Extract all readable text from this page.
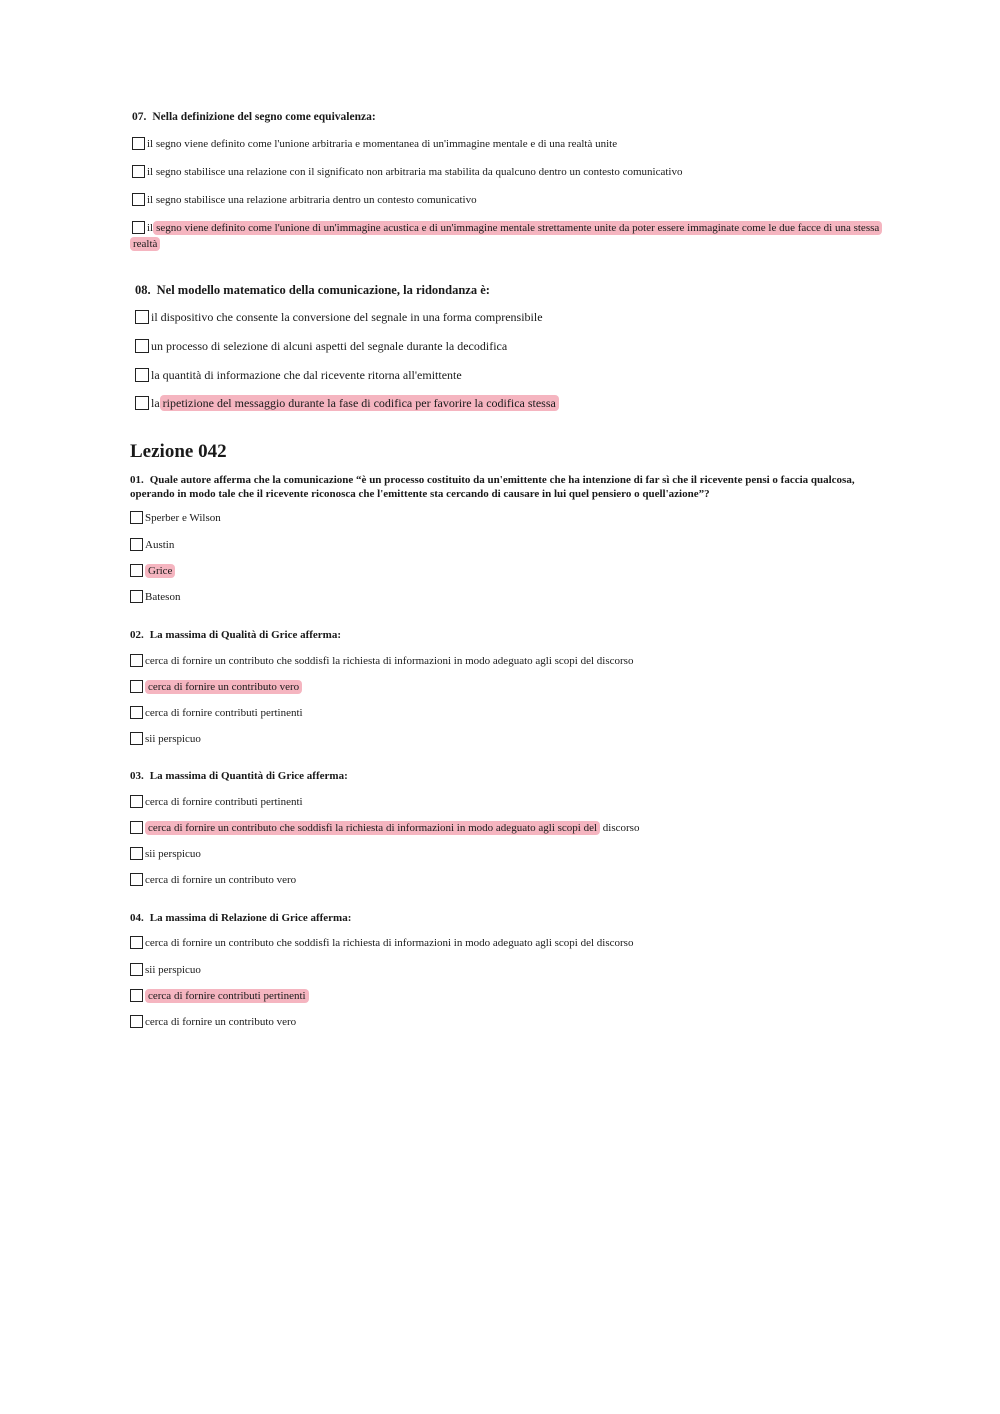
07. Nella definizione del segno come equivalenza:
il segno viene definito come l'unione arbitraria e momentanea di un'immagine mentale e di una realtà unite
il segno stabilisce una relazione con il significato non arbitraria ma stabilita da qualcuno dentro un contesto comunicativo
il segno stabilisce una relazione arbitraria dentro un contesto comunicativo
il segno viene definito come l'unione di un'immagine acustica e di un'immagine mentale strettamente unite da poter essere immaginate come le due facce di una stessa
realtà
08. Nel modello matematico della comunicazione, la ridondanza è:
il dispositivo che consente la conversione del segnale in una forma comprensibile
un processo di selezione di alcuni aspetti del segnale durante la decodifica
la quantità di informazione che dal ricevente ritorna all'emittente
la ripetizione del messaggio durante la fase di codifica per favorire la codifica stessa
Lezione 042
01. Quale autore afferma che la comunicazione “è un processo costituito da un'emittente che ha intenzione di far sì che il ricevente pensi o faccia qualcosa,
operando in modo tale che il ricevente riconosca che l'emittente sta cercando di causare in lui quel pensiero o quell'azione”?
Sperber e Wilson
Austin
Grice
Bateson
02. La massima di Qualità di Grice afferma:
cerca di fornire un contributo che soddisfi la richiesta di informazioni in modo adeguato agli scopi del discorso
cerca di fornire un contributo vero
cerca di fornire contributi pertinenti
sii perspicuo
03. La massima di Quantità di Grice afferma:
cerca di fornire contributi pertinenti
cerca di fornire un contributo che soddisfi la richiesta di informazioni in modo adeguato agli scopi del discorso
sii perspicuo
cerca di fornire un contributo vero
04. La massima di Relazione di Grice afferma:
cerca di fornire un contributo che soddisfi la richiesta di informazioni in modo adeguato agli scopi del discorso
sii perspicuo
cerca di fornire contributi pertinenti
cerca di fornire un contributo vero
